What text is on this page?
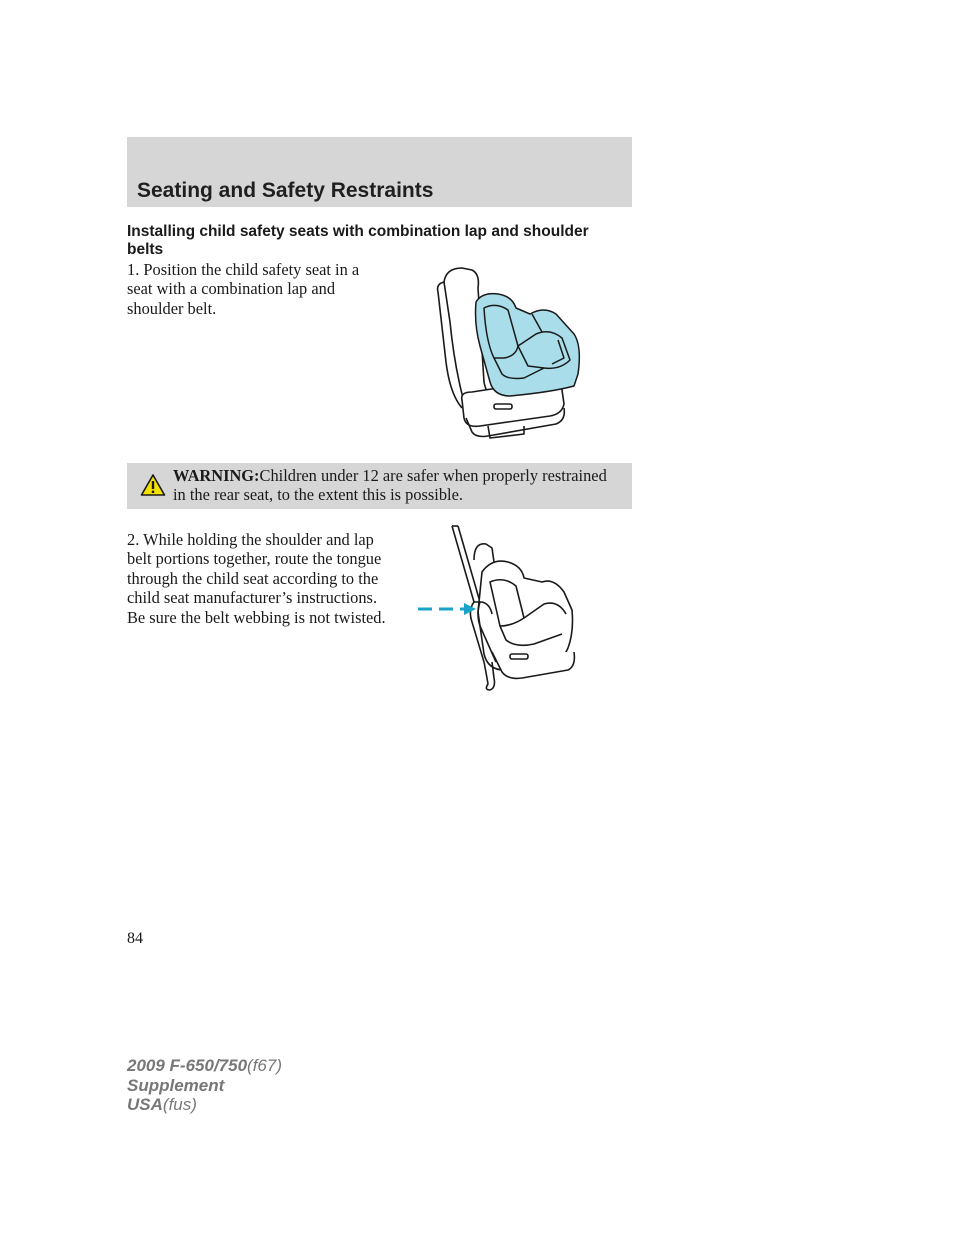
Seating and Safety Restraints
Installing child safety seats with combination lap and shoulder belts

1. Position the child safety seat in a seat with a combination lap and shoulder belt.

WARNING:Children under 12 are safer when properly restrained in the rear seat, to the extent this is possible.

2. While holding the shoulder and lap belt portions together, route the tongue through the child seat according to the child seat manufacturer’s instructions. Be sure the belt webbing is not twisted.

84

2009 F-650/750(f67)
Supplement
USA(fus)
